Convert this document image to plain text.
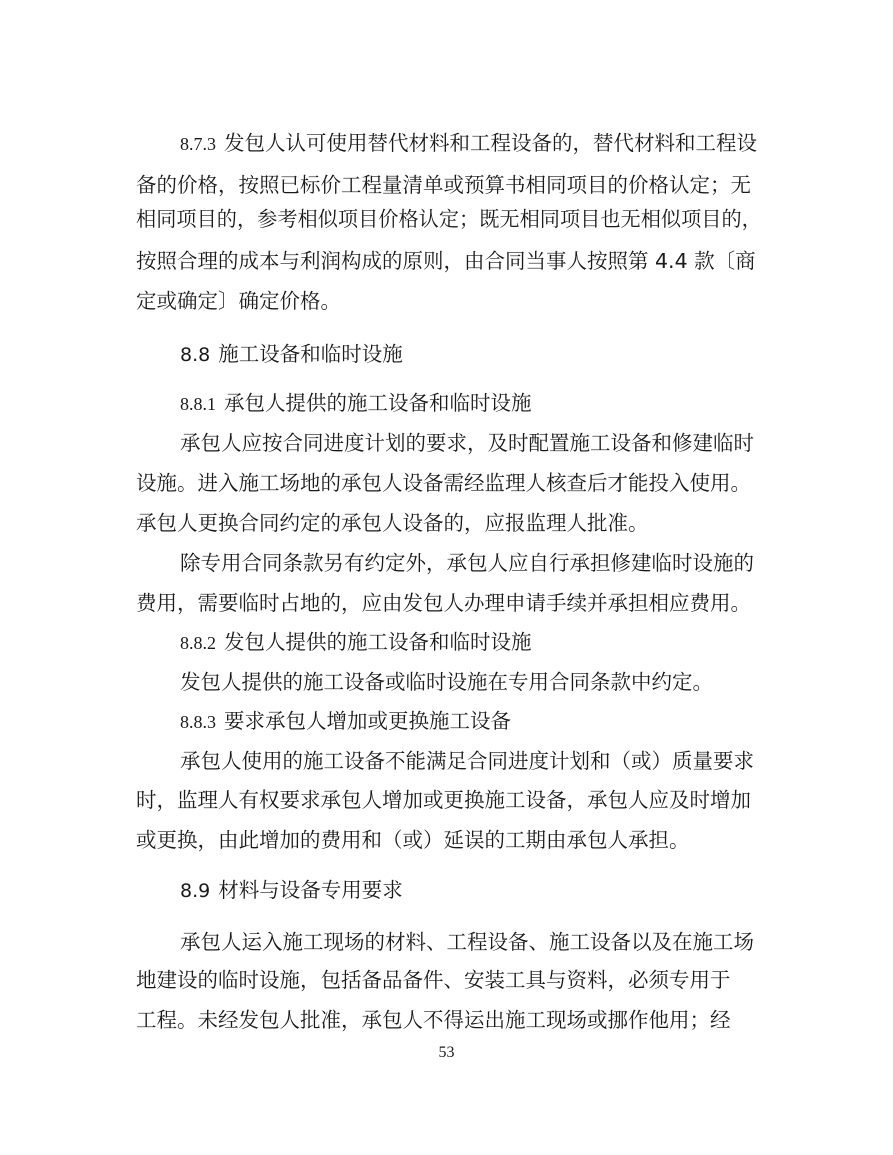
8.7.3 发包人认可使用替代材料和工程设备的，替代材料和工程设
备的价格，按照已标价工程量清单或预算书相同项目的价格认定；无
相同项目的，参考相似项目价格认定；既无相同项目也无相似项目的，
按照合理的成本与利润构成的原则，由合同当事人按照第 4.4 款〔商
定或确定〕确定价格。
8.8 施工设备和临时设施
8.8.1 承包人提供的施工设备和临时设施
承包人应按合同进度计划的要求，及时配置施工设备和修建临时
设施。进入施工场地的承包人设备需经监理人核查后才能投入使用。
承包人更换合同约定的承包人设备的，应报监理人批准。
除专用合同条款另有约定外，承包人应自行承担修建临时设施的
费用，需要临时占地的，应由发包人办理申请手续并承担相应费用。
8.8.2 发包人提供的施工设备和临时设施
发包人提供的施工设备或临时设施在专用合同条款中约定。
8.8.3 要求承包人增加或更换施工设备
承包人使用的施工设备不能满足合同进度计划和（或）质量要求
时，监理人有权要求承包人增加或更换施工设备，承包人应及时增加
或更换，由此增加的费用和（或）延误的工期由承包人承担。
8.9 材料与设备专用要求
承包人运入施工现场的材料、工程设备、施工设备以及在施工场
地建设的临时设施，包括备品备件、安装工具与资料，必须专用于
工程。未经发包人批准，承包人不得运出施工现场或挪作他用；经
53
